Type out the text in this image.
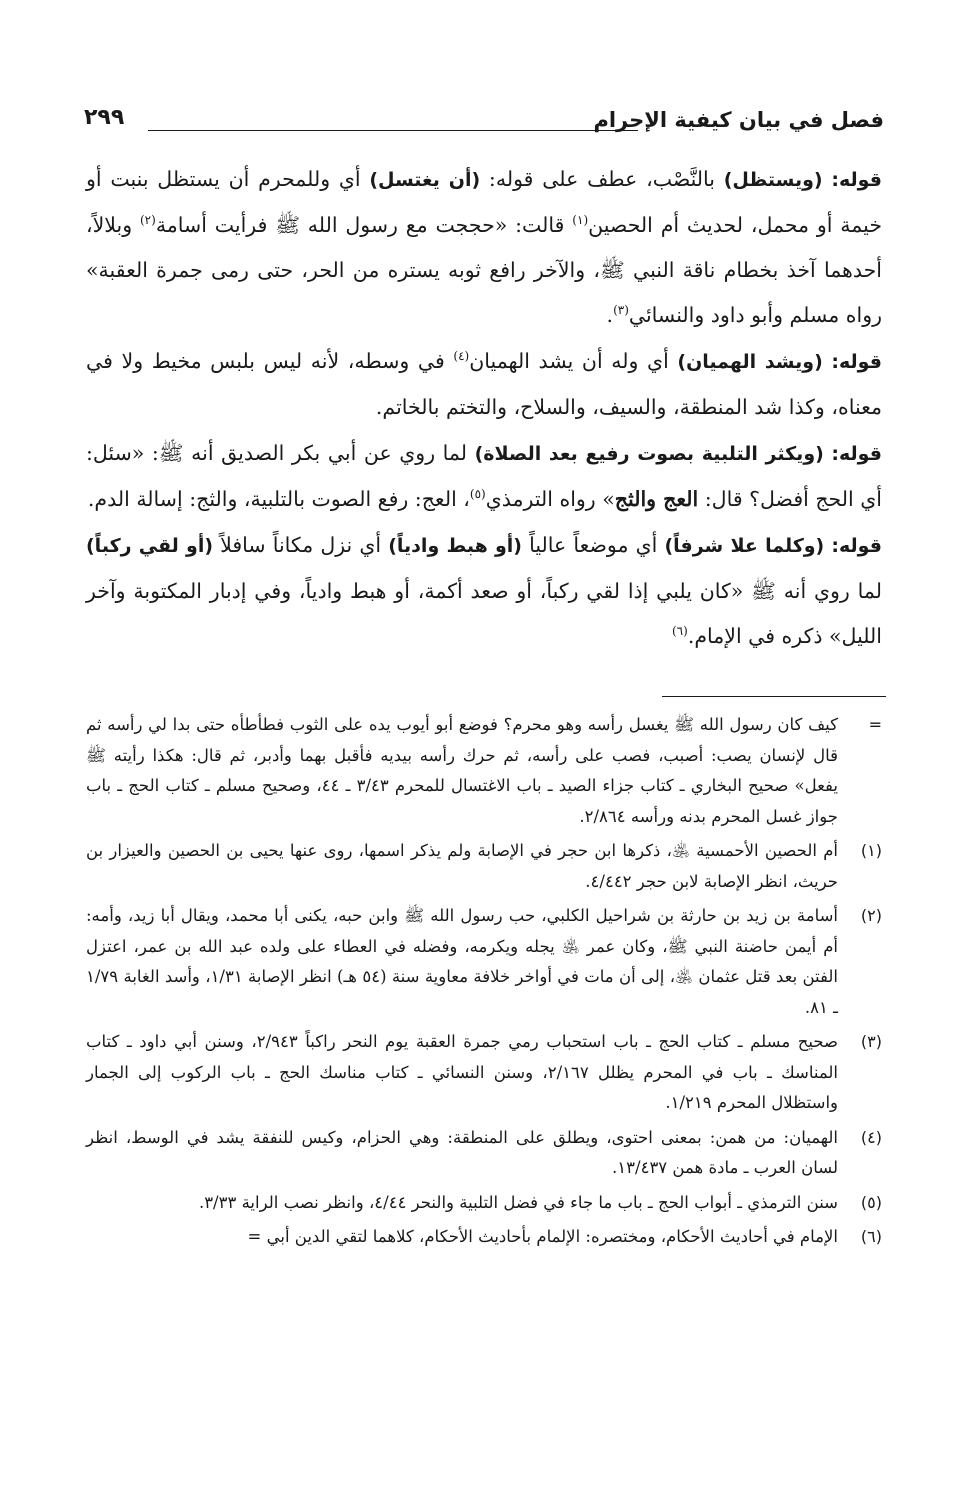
فصل في بيان كيفية الإحرام
٢٩٩

قوله: (ويستظل) بالنَّصْب، عطف على قوله: (أن يغتسل) أي وللمحرم أن يستظل بنبت أو خيمة أو محمل، لحديث أم الحصين$^{(١)}$ قالت: «حججت مع رسول الله ﷺ فرأيت أسامة$^{(٢)}$ وبلالاً، أحدهما آخذ بخطام ناقة النبي ﷺ، والآخر رافع ثوبه يستره من الحر، حتى رمى جمرة العقبة» رواه مسلم وأبو داود والنسائي$^{(٣)}$.

قوله: (ويشد الهميان) أي وله أن يشد الهميان$^{(٤)}$ في وسطه، لأنه ليس بلبس مخيط ولا في معناه، وكذا شد المنطقة، والسيف، والسلاح، والتختم بالخاتم.

قوله: (ويكثر التلبية بصوت رفيع بعد الصلاة) لما روي عن أبي بكر الصديق أنه ﷺ: «سئل: أي الحج أفضل؟ قال: العج والثج» رواه الترمذي$^{(٥)}$، العج: رفع الصوت بالتلبية، والثج: إسالة الدم.

قوله: (وكلما علا شرفاً) أي موضعاً عالياً (أو هبط وادياً) أي نزل مكاناً سافلاً (أو لقي ركباً) لما روي أنه ﷺ «كان يلبي إذا لقي ركباً، أو صعد أكمة، أو هبط وادياً، وفي إدبار المكتوبة وآخر الليل» ذكره في الإمام.$^{(٦)}$

=
كيف كان رسول الله ﷺ يغسل رأسه وهو محرم؟ فوضع أبو أيوب يده على الثوب فطأطأه حتى بدا لي رأسه ثم قال لإنسان يصب: أصبب، فصب على رأسه، ثم حرك رأسه بيديه فأقبل بهما وأدبر، ثم قال: هكذا رأيته ﷺ يفعل» صحيح البخاري ـ كتاب جزاء الصيد ـ باب الاغتسال للمحرم ٣/٤٣ ـ ٤٤، وصحيح مسلم ـ كتاب الحج ـ باب جواز غسل المحرم بدنه ورأسه ٢/٨٦٤.
(١)
أم الحصين الأحمسية ﵁، ذكرها ابن حجر في الإصابة ولم يذكر اسمها، روى عنها يحيى بن الحصين والعيزار بن حريث، انظر الإصابة لابن حجر ٤/٤٤٢.
(٢)
أسامة بن زيد بن حارثة بن شراحيل الكلبي، حب رسول الله ﷺ وابن حبه، يكنى أبا محمد، ويقال أبا زيد، وأمه: أم أيمن حاضنة النبي ﷺ، وكان عمر ﵁ يجله ويكرمه، وفضله في العطاء على ولده عبد الله بن عمر، اعتزل الفتن بعد قتل عثمان ﵁، إلى أن مات في أواخر خلافة معاوية سنة (٥٤ هـ) انظر الإصابة ١/٣١، وأسد الغابة ١/٧٩ ـ ٨١.
(٣)
صحيح مسلم ـ كتاب الحج ـ باب استحباب رمي جمرة العقبة يوم النحر راكباً ٢/٩٤٣، وسنن أبي داود ـ كتاب المناسك ـ باب في المحرم يظلل ٢/١٦٧، وسنن النسائي ـ كتاب مناسك الحج ـ باب الركوب إلى الجمار واستظلال المحرم ١/٢١٩.
(٤)
الهميان: من همن: بمعنى احتوى، ويطلق على المنطقة: وهي الحزام، وكيس للنفقة يشد في الوسط، انظر لسان العرب ـ مادة همن ١٣/٤٣٧.
(٥)
سنن الترمذي ـ أبواب الحج ـ باب ما جاء في فضل التلبية والنحر ٤/٤٤، وانظر نصب الراية ٣/٣٣.
(٦)
الإمام في أحاديث الأحكام، ومختصره: الإلمام بأحاديث الأحكام، كلاهما لتقي الدين أبي =
